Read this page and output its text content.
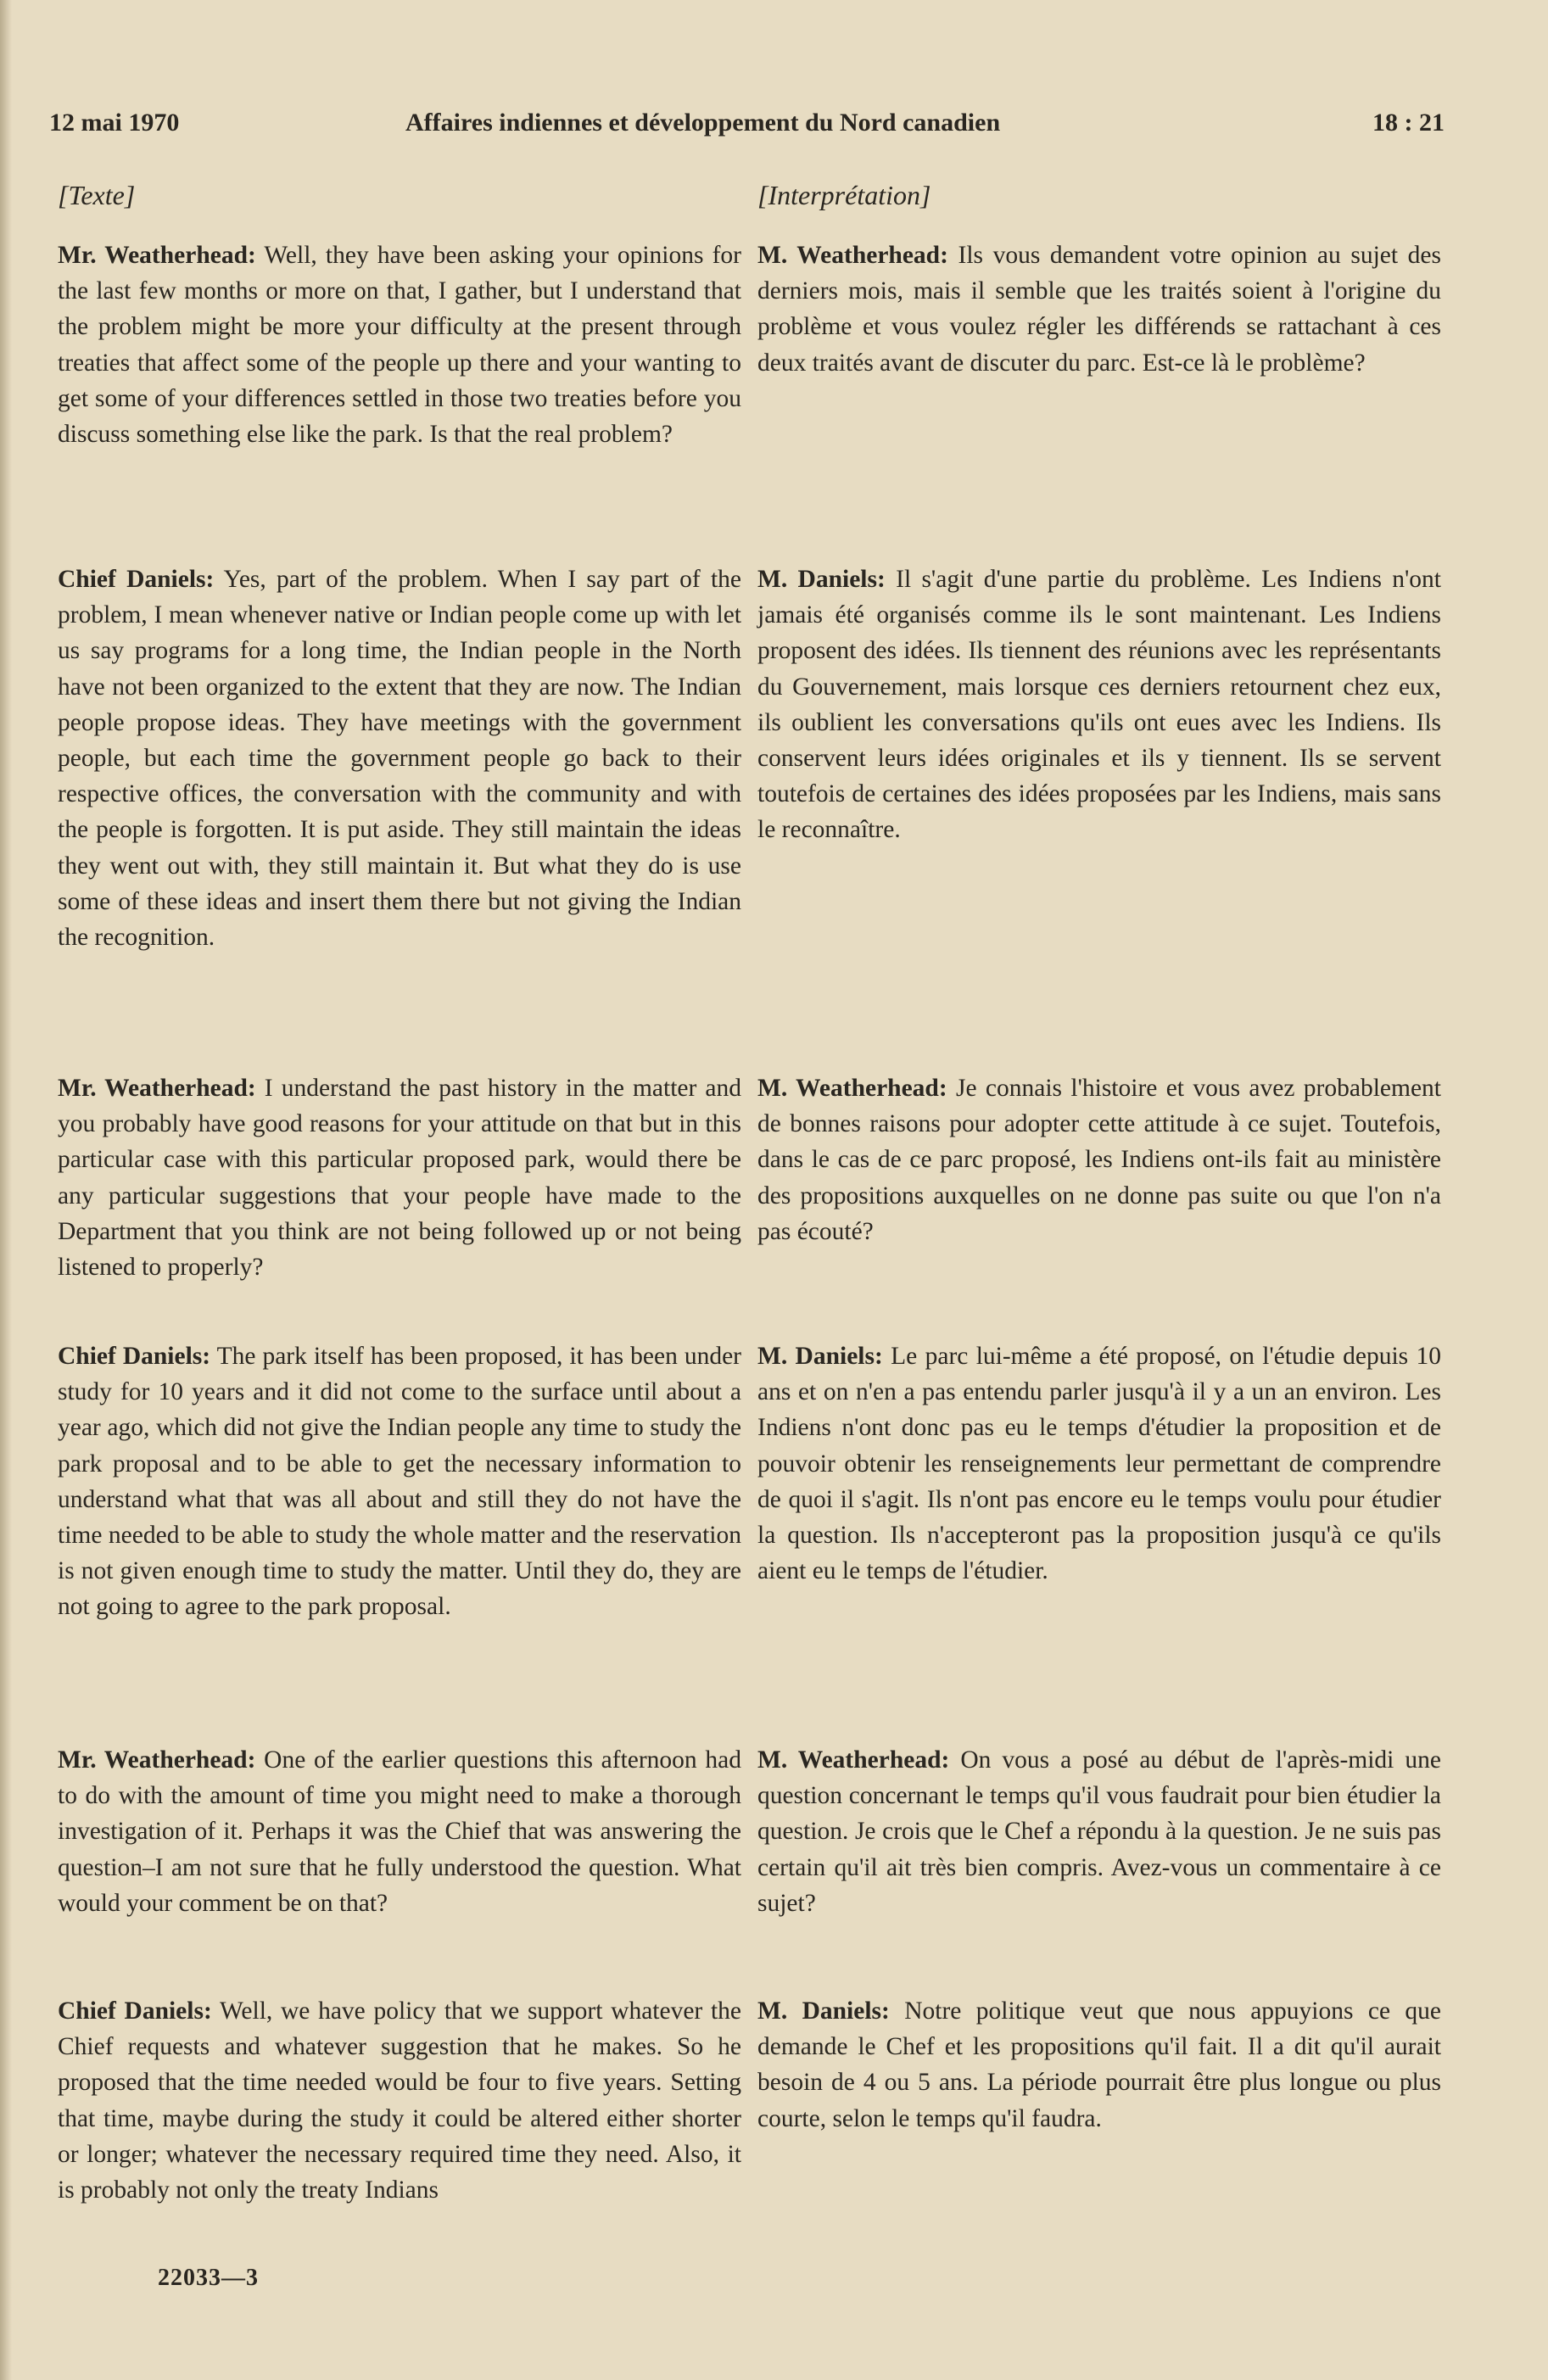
12 mai 1970	Affaires indiennes et développement du Nord canadien	18 : 21
[Texte]

Mr. Weatherhead: Well, they have been asking your opinions for the last few months or more on that, I gather, but I understand that the problem might be more your difficulty at the present through treaties that affect some of the people up there and your wanting to get some of your differences settled in those two treaties before you discuss something else like the park. Is that the real problem?

Chief Daniels: Yes, part of the problem. When I say part of the problem, I mean whenever native or Indian people come up with let us say programs for a long time, the Indian people in the North have not been organized to the extent that they are now. The Indian people propose ideas. They have meetings with the government people, but each time the government people go back to their respective offices, the conversation with the community and with the people is forgotten. It is put aside. They still maintain the ideas they went out with, they still maintain it. But what they do is use some of these ideas and insert them there but not giving the Indian the recognition.

Mr. Weatherhead: I understand the past history in the matter and you probably have good reasons for your attitude on that but in this particular case with this particular proposed park, would there be any particular suggestions that your people have made to the Department that you think are not being followed up or not being listened to properly?

Chief Daniels: The park itself has been proposed, it has been under study for 10 years and it did not come to the surface until about a year ago, which did not give the Indian people any time to study the park proposal and to be able to get the necessary information to understand what that was all about and still they do not have the time needed to be able to study the whole matter and the reservation is not given enough time to study the matter. Until they do, they are not going to agree to the park proposal.

Mr. Weatherhead: One of the earlier questions this afternoon had to do with the amount of time you might need to make a thorough investigation of it. Perhaps it was the Chief that was answering the question–I am not sure that he fully understood the question. What would your comment be on that?

Chief Daniels: Well, we have policy that we support whatever the Chief requests and whatever suggestion that he makes. So he proposed that the time needed would be four to five years. Setting that time, maybe during the study it could be altered either shorter or longer; whatever the necessary required time they need. Also, it is probably not only the treaty Indians

[Interprétation]

M. Weatherhead: Ils vous demandent votre opinion au sujet des derniers mois, mais il semble que les traités soient à l'origine du problème et vous voulez régler les différends se rattachant à ces deux traités avant de discuter du parc. Est-ce là le problème?

M. Daniels: Il s'agit d'une partie du problème. Les Indiens n'ont jamais été organisés comme ils le sont maintenant. Les Indiens proposent des idées. Ils tiennent des réunions avec les représentants du Gouvernement, mais lorsque ces derniers retournent chez eux, ils oublient les conversations qu'ils ont eues avec les Indiens. Ils conservent leurs idées originales et ils y tiennent. Ils se servent toutefois de certaines des idées proposées par les Indiens, mais sans le reconnaître.

M. Weatherhead: Je connais l'histoire et vous avez probablement de bonnes raisons pour adopter cette attitude à ce sujet. Toutefois, dans le cas de ce parc proposé, les Indiens ont-ils fait au ministère des propositions auxquelles on ne donne pas suite ou que l'on n'a pas écouté?

M. Daniels: Le parc lui-même a été proposé, on l'étudie depuis 10 ans et on n'en a pas entendu parler jusqu'à il y a un an environ. Les Indiens n'ont donc pas eu le temps d'étudier la proposition et de pouvoir obtenir les renseignements leur permettant de comprendre de quoi il s'agit. Ils n'ont pas encore eu le temps voulu pour étudier la question. Ils n'accepteront pas la proposition jusqu'à ce qu'ils aient eu le temps de l'étudier.

M. Weatherhead: On vous a posé au début de l'après-midi une question concernant le temps qu'il vous faudrait pour bien étudier la question. Je crois que le Chef a répondu à la question. Je ne suis pas certain qu'il ait très bien compris. Avez-vous un commentaire à ce sujet?

M. Daniels: Notre politique veut que nous appuyions ce que demande le Chef et les propositions qu'il fait. Il a dit qu'il aurait besoin de 4 ou 5 ans. La période pourrait être plus longue ou plus courte, selon le temps qu'il faudra.

22033—3
